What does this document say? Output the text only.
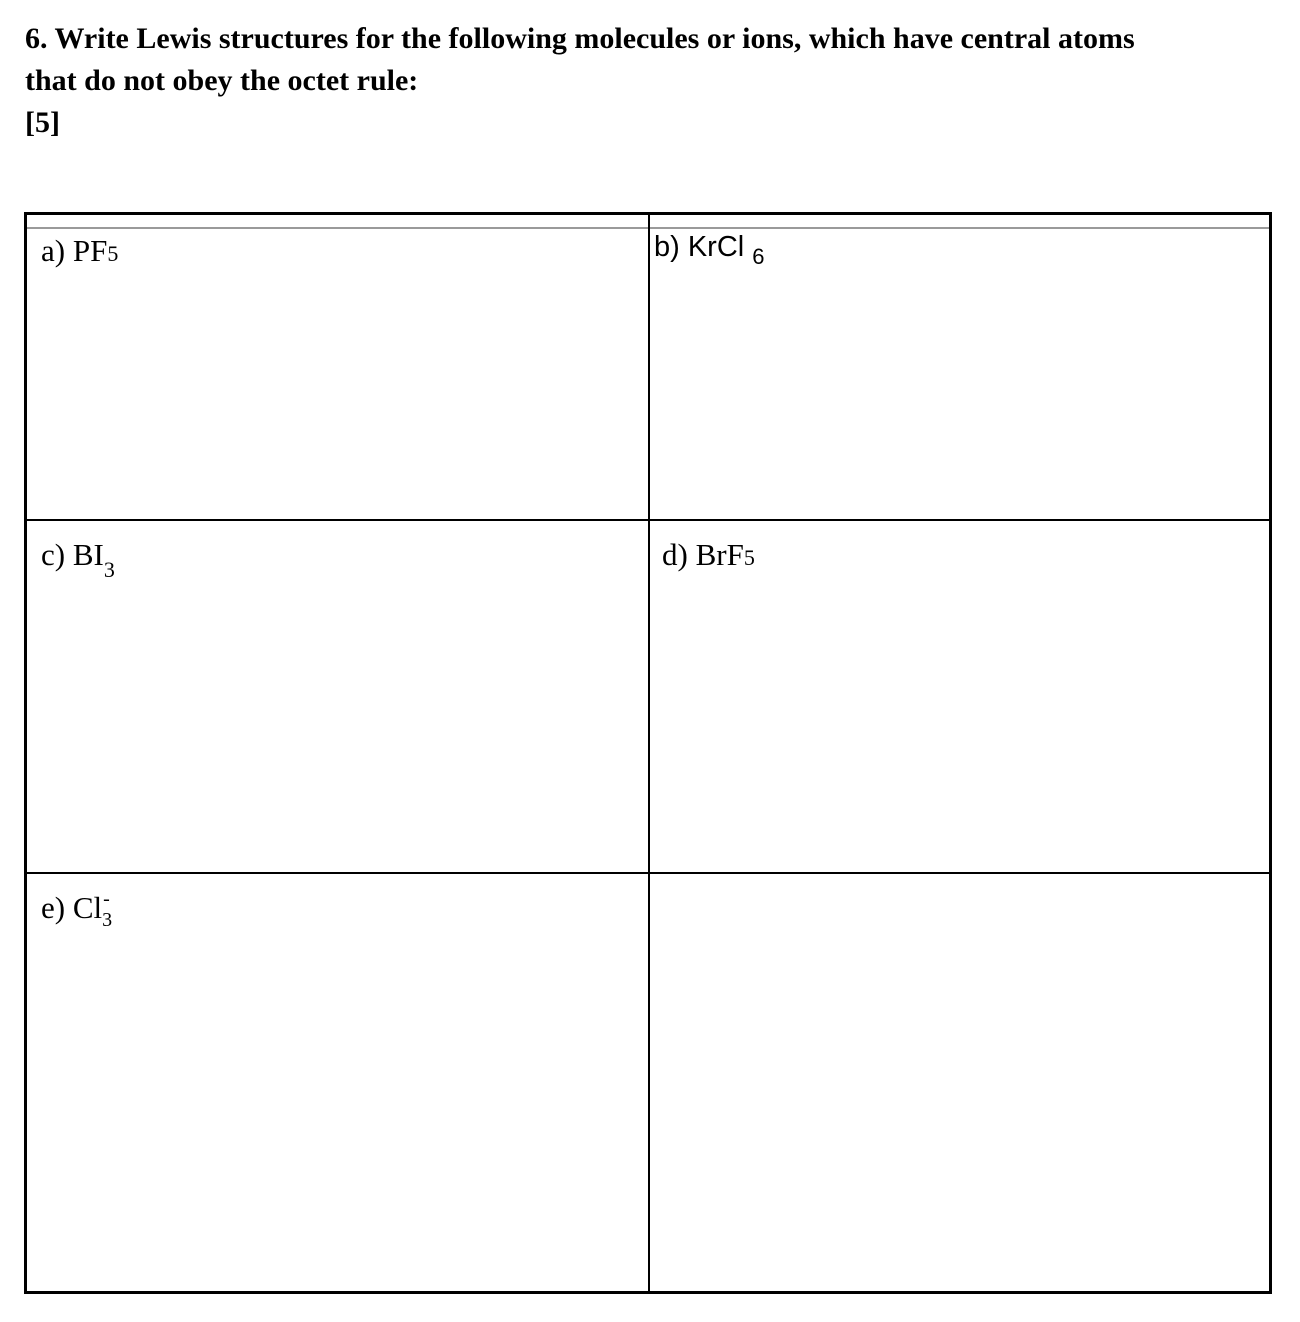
6. Write Lewis structures for the following molecules or ions, which have central atoms
that do not obey the octet rule:
[5]
a) PF5	b) KrCl $_6$
c) $BI_3$	d) BrF5
e) Cl -
3
